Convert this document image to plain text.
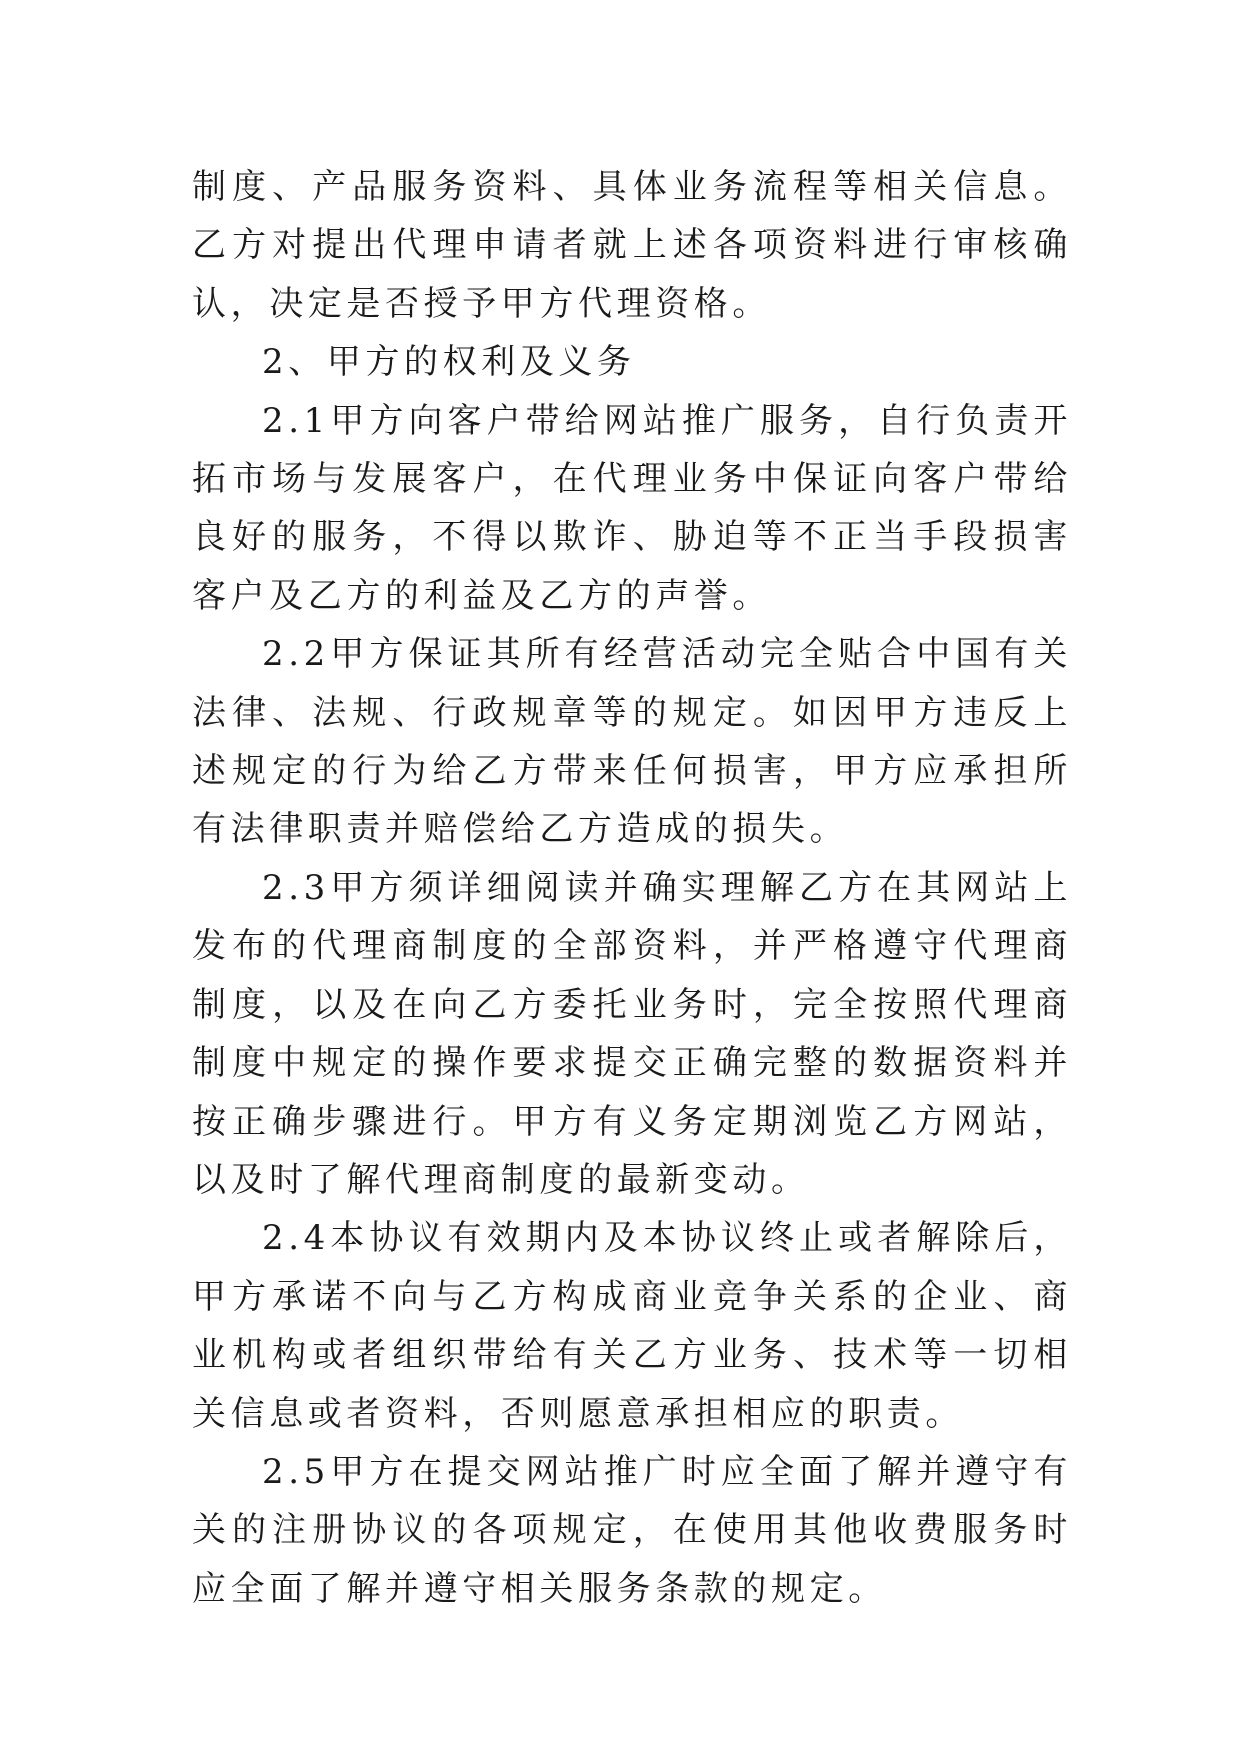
制度、产品服务资料、具体业务流程等相关信息。乙方对提出代理申请者就上述各项资料进行审核确认，决定是否授予甲方代理资格。

2、甲方的权利及义务

2.1甲方向客户带给网站推广服务，自行负责开拓市场与发展客户，在代理业务中保证向客户带给良好的服务，不得以欺诈、胁迫等不正当手段损害客户及乙方的利益及乙方的声誉。

2.2甲方保证其所有经营活动完全贴合中国有关法律、法规、行政规章等的规定。如因甲方违反上述规定的行为给乙方带来任何损害，甲方应承担所有法律职责并赔偿给乙方造成的损失。

2.3甲方须详细阅读并确实理解乙方在其网站上发布的代理商制度的全部资料，并严格遵守代理商制度，以及在向乙方委托业务时，完全按照代理商制度中规定的操作要求提交正确完整的数据资料并按正确步骤进行。甲方有义务定期浏览乙方网站，以及时了解代理商制度的最新变动。

2.4本协议有效期内及本协议终止或者解除后，甲方承诺不向与乙方构成商业竞争关系的企业、商业机构或者组织带给有关乙方业务、技术等一切相关信息或者资料，否则愿意承担相应的职责。

2.5甲方在提交网站推广时应全面了解并遵守有关的注册协议的各项规定，在使用其他收费服务时应全面了解并遵守相关服务条款的规定。
